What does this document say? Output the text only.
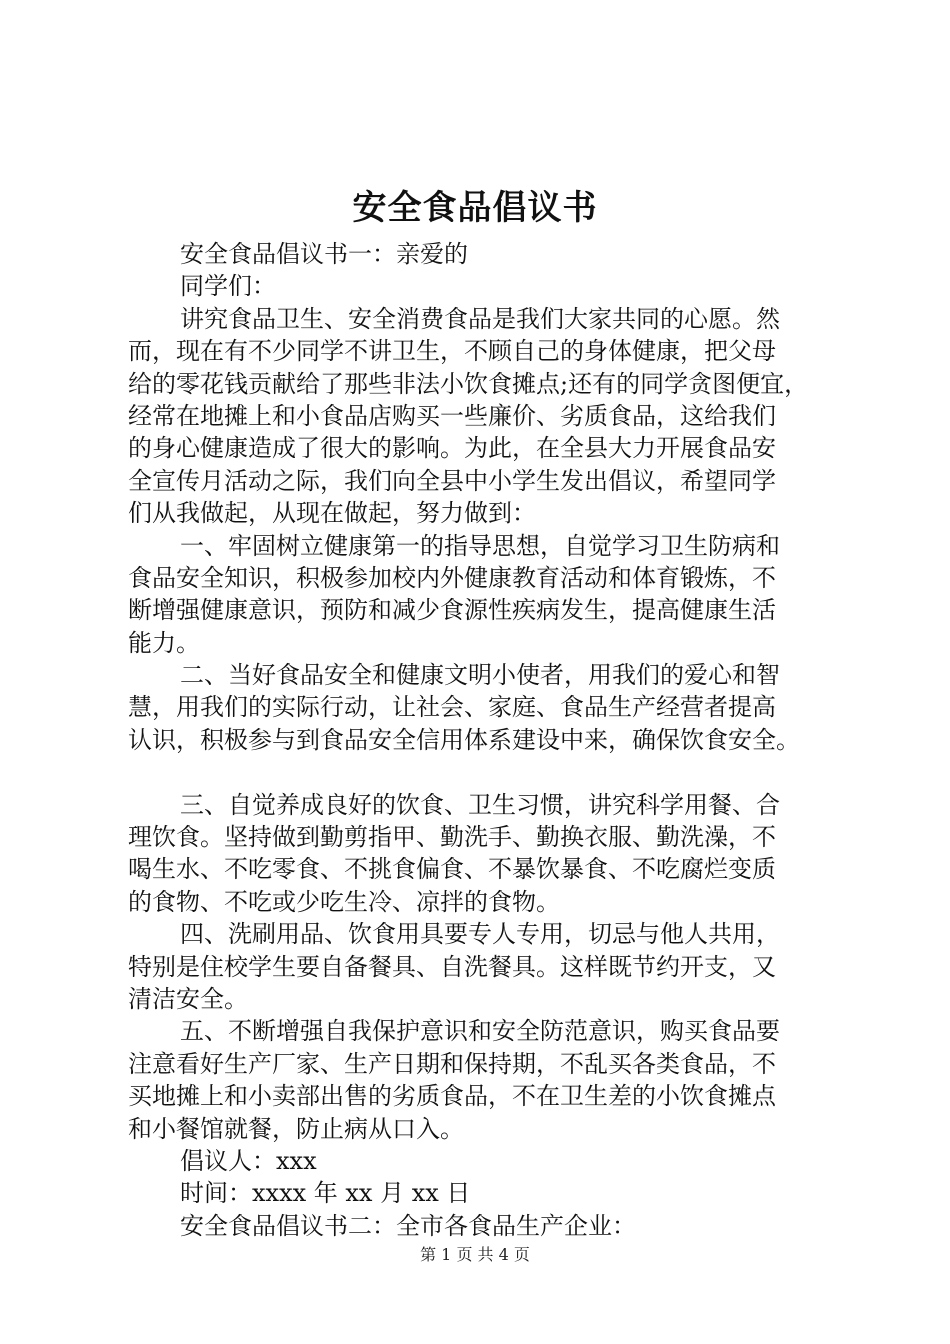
安全食品倡议书
安全食品倡议书一：亲爱的
同学们：
讲究食品卫生、安全消费食品是我们大家共同的心愿。然
而，现在有不少同学不讲卫生，不顾自己的身体健康，把父母
给的零花钱贡献给了那些非法小饮食摊点;还有的同学贪图便宜，
经常在地摊上和小食品店购买一些廉价、劣质食品，这给我们
的身心健康造成了很大的影响。为此，在全县大力开展食品安
全宣传月活动之际，我们向全县中小学生发出倡议，希望同学
们从我做起，从现在做起，努力做到：
一、牢固树立健康第一的指导思想，自觉学习卫生防病和
食品安全知识，积极参加校内外健康教育活动和体育锻炼，不
断增强健康意识，预防和减少食源性疾病发生，提高健康生活
能力。
二、当好食品安全和健康文明小使者，用我们的爱心和智
慧，用我们的实际行动，让社会、家庭、食品生产经营者提高
认识，积极参与到食品安全信用体系建设中来，确保饮食安全。
三、自觉养成良好的饮食、卫生习惯，讲究科学用餐、合
理饮食。坚持做到勤剪指甲、勤洗手、勤换衣服、勤洗澡，不
喝生水、不吃零食、不挑食偏食、不暴饮暴食、不吃腐烂变质
的食物、不吃或少吃生冷、凉拌的食物。
四、洗刷用品、饮食用具要专人专用，切忌与他人共用，
特别是住校学生要自备餐具、自洗餐具。这样既节约开支，又
清洁安全。
五、不断增强自我保护意识和安全防范意识，购买食品要
注意看好生产厂家、生产日期和保持期，不乱买各类食品，不
买地摊上和小卖部出售的劣质食品，不在卫生差的小饮食摊点
和小餐馆就餐，防止病从口入。
倡议人：xxx
时间：xxxx 年 xx 月 xx 日
安全食品倡议书二：全市各食品生产企业：
第 1 页 共 4 页
